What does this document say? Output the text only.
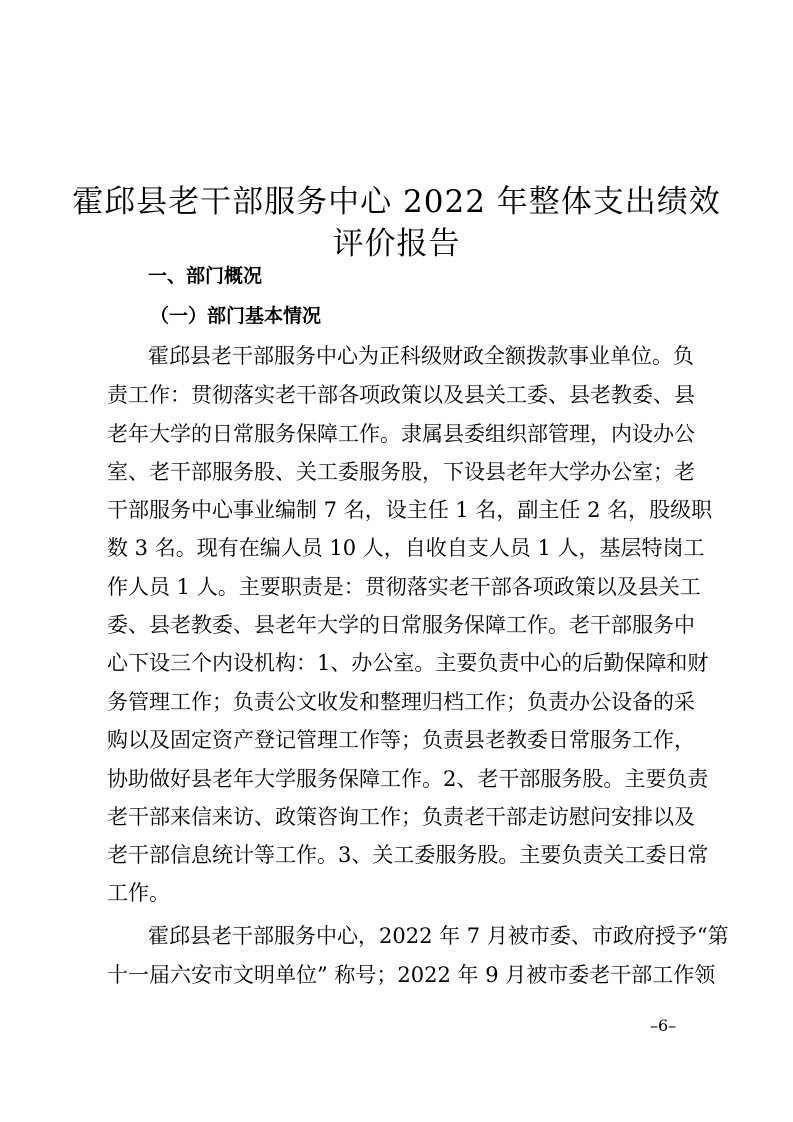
霍邱县老干部服务中心 2022 年整体支出绩效
评价报告
一、部门概况
（一）部门基本情况
霍邱县老干部服务中心为正科级财政全额拨款事业单位。负
责工作：贯彻落实老干部各项政策以及县关工委、县老教委、县
老年大学的日常服务保障工作。隶属县委组织部管理，内设办公
室、老干部服务股、关工委服务股，下设县老年大学办公室；老
干部服务中心事业编制 7 名，设主任 1 名，副主任 2 名，股级职
数 3 名。现有在编人员 10 人，自收自支人员 1 人，基层特岗工
作人员 1 人。主要职责是：贯彻落实老干部各项政策以及县关工
委、县老教委、县老年大学的日常服务保障工作。老干部服务中
心下设三个内设机构：1、办公室。主要负责中心的后勤保障和财
务管理工作；负责公文收发和整理归档工作；负责办公设备的采
购以及固定资产登记管理工作等；负责县老教委日常服务工作，
协助做好县老年大学服务保障工作。2、老干部服务股。主要负责
老干部来信来访、政策咨询工作；负责老干部走访慰问安排以及
老干部信息统计等工作。3、关工委服务股。主要负责关工委日常
工作。
霍邱县老干部服务中心，2022 年 7 月被市委、市政府授予“第
十一届六安市文明单位” 称号；2022 年 9 月被市委老干部工作领
–6–
